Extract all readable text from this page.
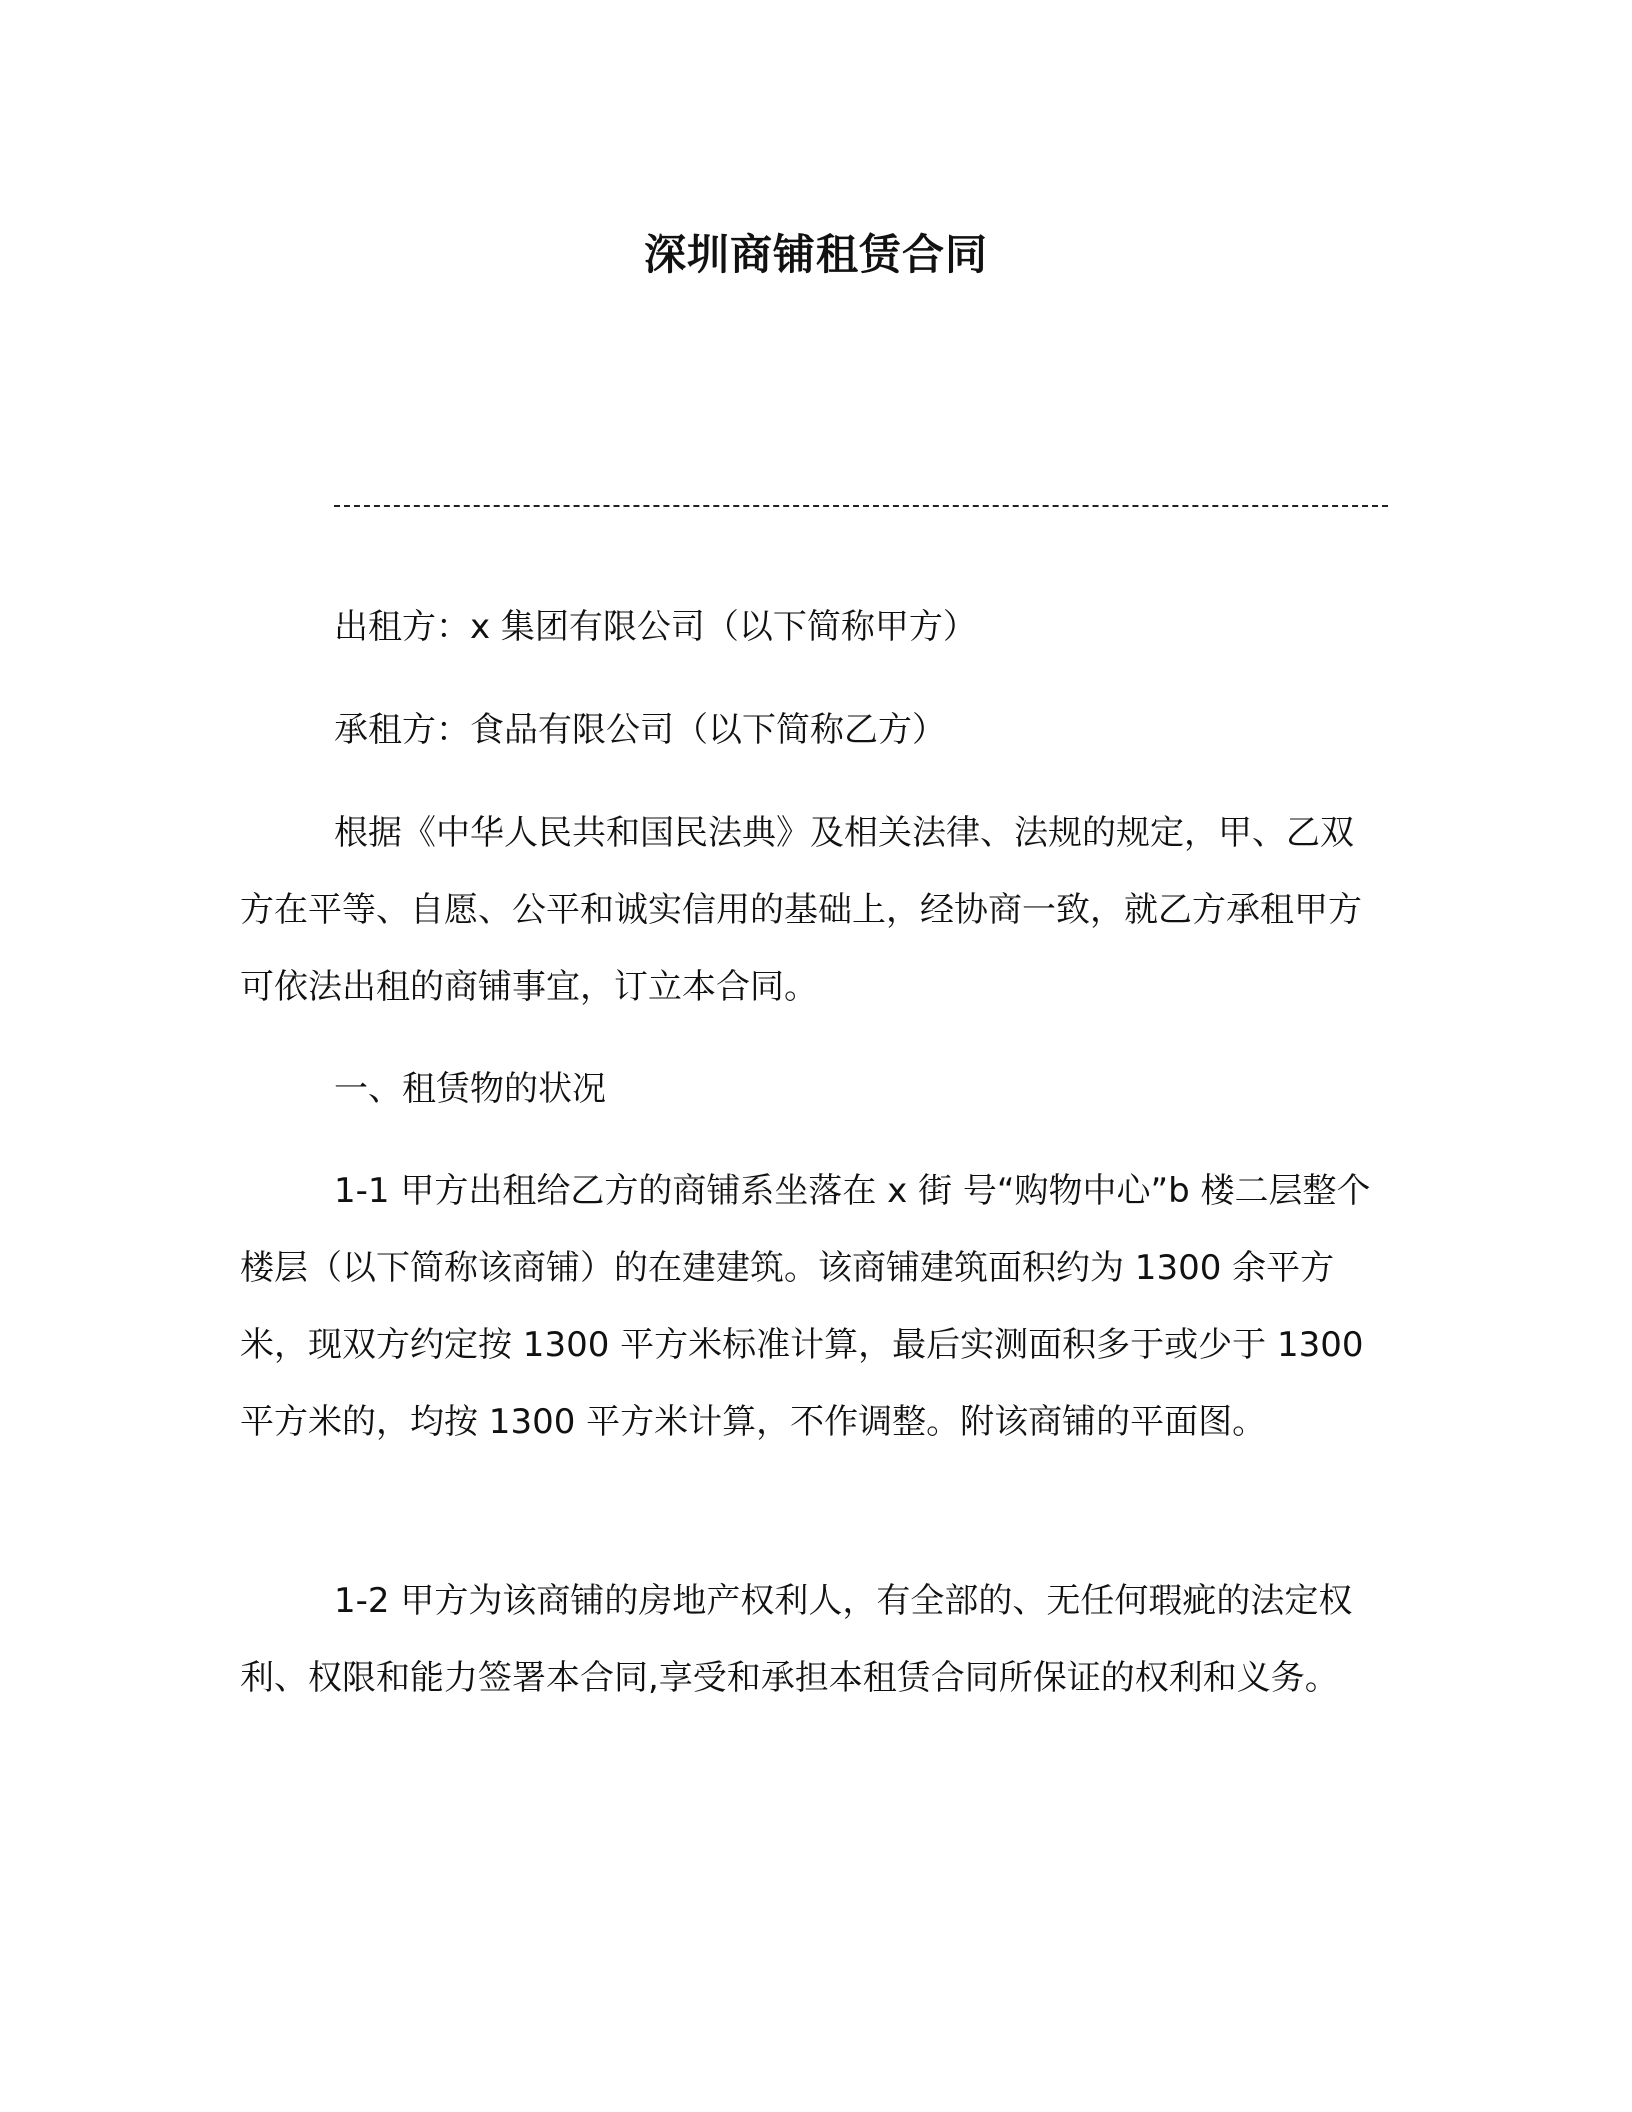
深圳商铺租赁合同

出租方：x 集团有限公司（以下简称甲方）

承租方：食品有限公司（以下简称乙方）

根据《中华人民共和国民法典》及相关法律、法规的规定，甲、乙双方在平等、自愿、公平和诚实信用的基础上，经协商一致，就乙方承租甲方可依法出租的商铺事宜，订立本合同。

一、租赁物的状况

1-1 甲方出租给乙方的商铺系坐落在 x 街 号“购物中心”b 楼二层整个楼层（以下简称该商铺）的在建建筑。该商铺建筑面积约为 1300 余平方米，现双方约定按 1300 平方米标准计算，最后实测面积多于或少于 1300 平方米的，均按 1300 平方米计算，不作调整。附该商铺的平面图。

1-2 甲方为该商铺的房地产权利人，有全部的、无任何瑕疵的法定权利、权限和能力签署本合同,享受和承担本租赁合同所保证的权利和义务。
